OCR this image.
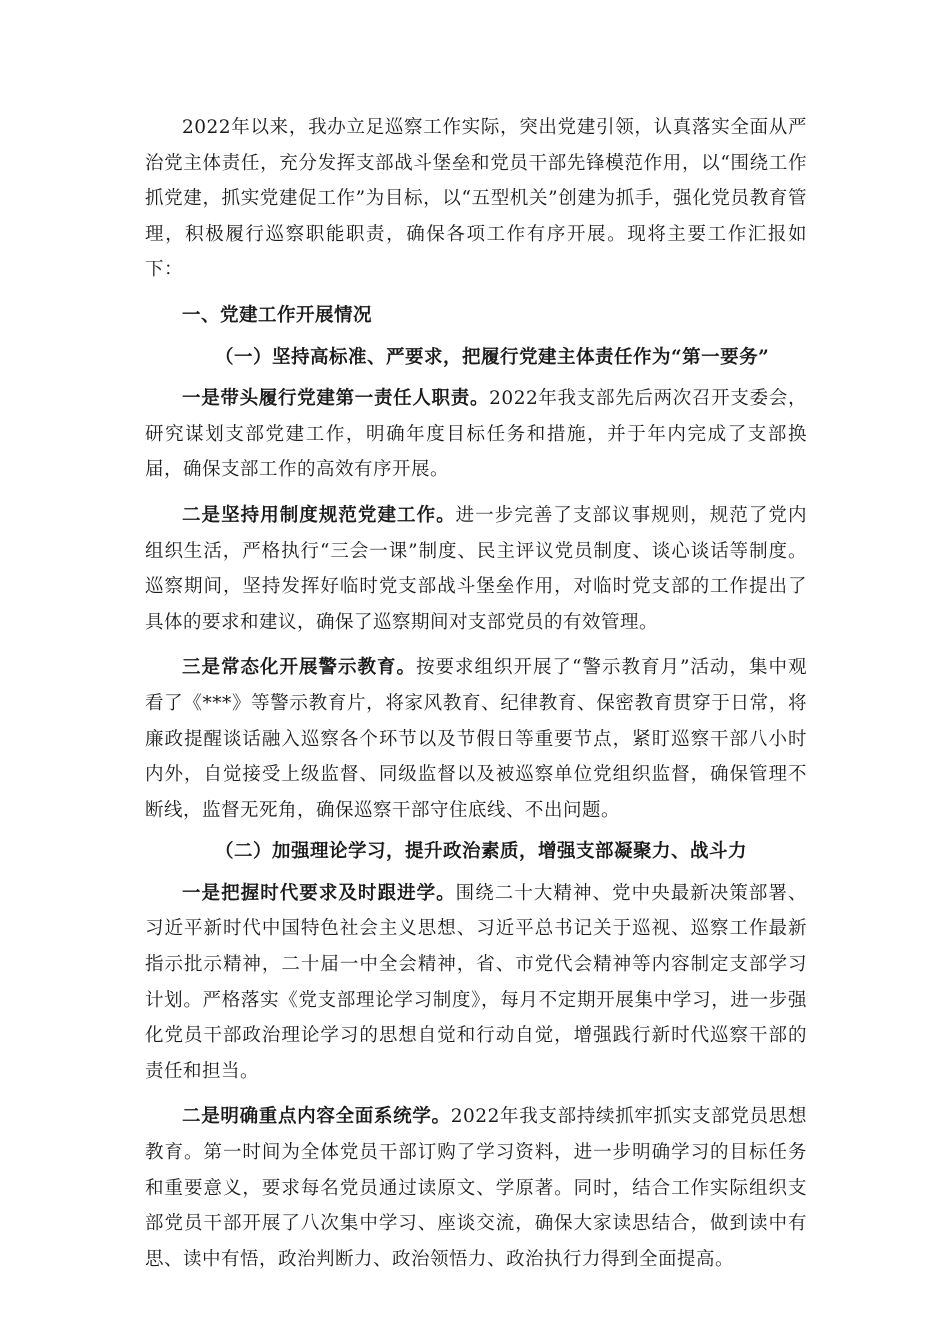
2022年以来，我办立足巡察工作实际，突出党建引领，认真落实全面从严治党主体责任，充分发挥支部战斗堡垒和党员干部先锋模范作用，以“围绕工作抓党建，抓实党建促工作”为目标，以“五型机关”创建为抓手，强化党员教育管理，积极履行巡察职能职责，确保各项工作有序开展。现将主要工作汇报如下：

一、党建工作开展情况

（一）坚持高标准、严要求，把履行党建主体责任作为“第一要务”

一是带头履行党建第一责任人职责。2022年我支部先后两次召开支委会，研究谋划支部党建工作，明确年度目标任务和措施，并于年内完成了支部换届，确保支部工作的高效有序开展。

二是坚持用制度规范党建工作。进一步完善了支部议事规则，规范了党内组织生活，严格执行“三会一课”制度、民主评议党员制度、谈心谈话等制度。巡察期间，坚持发挥好临时党支部战斗堡垒作用，对临时党支部的工作提出了具体的要求和建议，确保了巡察期间对支部党员的有效管理。

三是常态化开展警示教育。按要求组织开展了“警示教育月”活动，集中观看了《***》等警示教育片，将家风教育、纪律教育、保密教育贯穿于日常，将廉政提醒谈话融入巡察各个环节以及节假日等重要节点，紧盯巡察干部八小时内外，自觉接受上级监督、同级监督以及被巡察单位党组织监督，确保管理不断线，监督无死角，确保巡察干部守住底线、不出问题。

（二）加强理论学习，提升政治素质，增强支部凝聚力、战斗力

一是把握时代要求及时跟进学。围绕二十大精神、党中央最新决策部署、习近平新时代中国特色社会主义思想、习近平总书记关于巡视、巡察工作最新指示批示精神，二十届一中全会精神，省、市党代会精神等内容制定支部学习计划。严格落实《党支部理论学习制度》，每月不定期开展集中学习，进一步强化党员干部政治理论学习的思想自觉和行动自觉，增强践行新时代巡察干部的责任和担当。

二是明确重点内容全面系统学。2022年我支部持续抓牢抓实支部党员思想教育。第一时间为全体党员干部订购了学习资料，进一步明确学习的目标任务和重要意义，要求每名党员通过读原文、学原著。同时，结合工作实际组织支部党员干部开展了八次集中学习、座谈交流，确保大家读思结合，做到读中有思、读中有悟，政治判断力、政治领悟力、政治执行力得到全面提高。
